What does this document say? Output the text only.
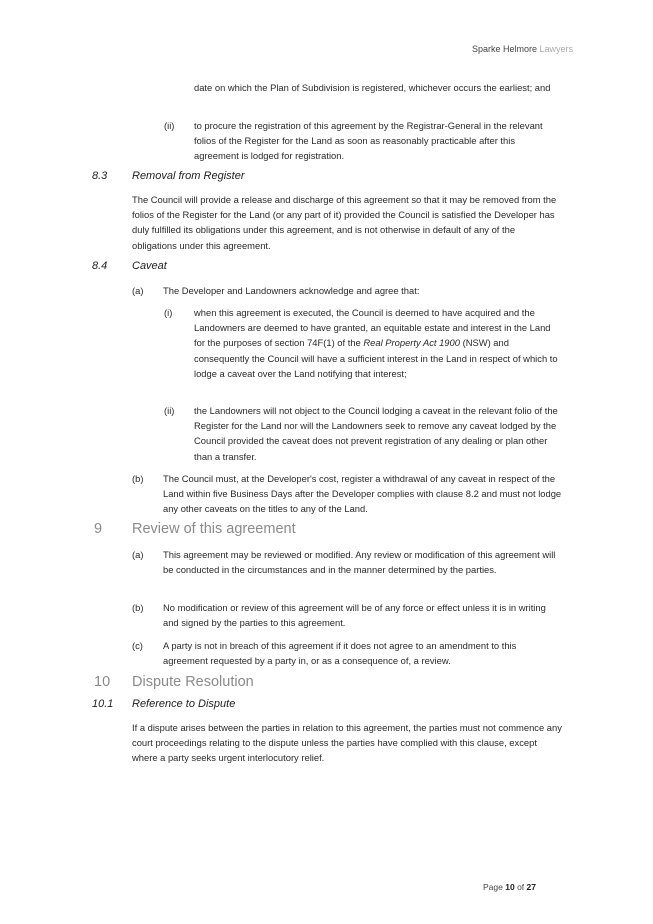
Sparke Helmore Lawyers

date on which the Plan of Subdivision is registered, whichever occurs the earliest; and

(ii) to procure the registration of this agreement by the Registrar-General in the relevant folios of the Register for the Land as soon as reasonably practicable after this agreement is lodged for registration.

8.3 Removal from Register

The Council will provide a release and discharge of this agreement so that it may be removed from the folios of the Register for the Land (or any part of it) provided the Council is satisfied the Developer has duly fulfilled its obligations under this agreement, and is not otherwise in default of any of the obligations under this agreement.

8.4 Caveat
(a) The Developer and Landowners acknowledge and agree that:

(i) when this agreement is executed, the Council is deemed to have acquired and the Landowners are deemed to have granted, an equitable estate and interest in the Land for the purposes of section 74F(1) of the Real Property Act 1900 (NSW) and consequently the Council will have a sufficient interest in the Land in respect of which to lodge a caveat over the Land notifying that interest;

(ii) the Landowners will not object to the Council lodging a caveat in the relevant folio of the Register for the Land nor will the Landowners seek to remove any caveat lodged by the Council provided the caveat does not prevent registration of any dealing or plan other than a transfer.

(b) The Council must, at the Developer's cost, register a withdrawal of any caveat in respect of the Land within five Business Days after the Developer complies with clause 8.2 and must not lodge any other caveats on the titles to any of the Land.

9 Review of this agreement
(a) This agreement may be reviewed or modified. Any review or modification of this agreement will be conducted in the circumstances and in the manner determined by the parties.

(b) No modification or review of this agreement will be of any force or effect unless it is in writing and signed by the parties to this agreement.

(c) A party is not in breach of this agreement if it does not agree to an amendment to this agreement requested by a party in, or as a consequence of, a review.

10 Dispute Resolution
10.1 Reference to Dispute

If a dispute arises between the parties in relation to this agreement, the parties must not commence any court proceedings relating to the dispute unless the parties have complied with this clause, except where a party seeks urgent interlocutory relief.

Page 10 of 27
